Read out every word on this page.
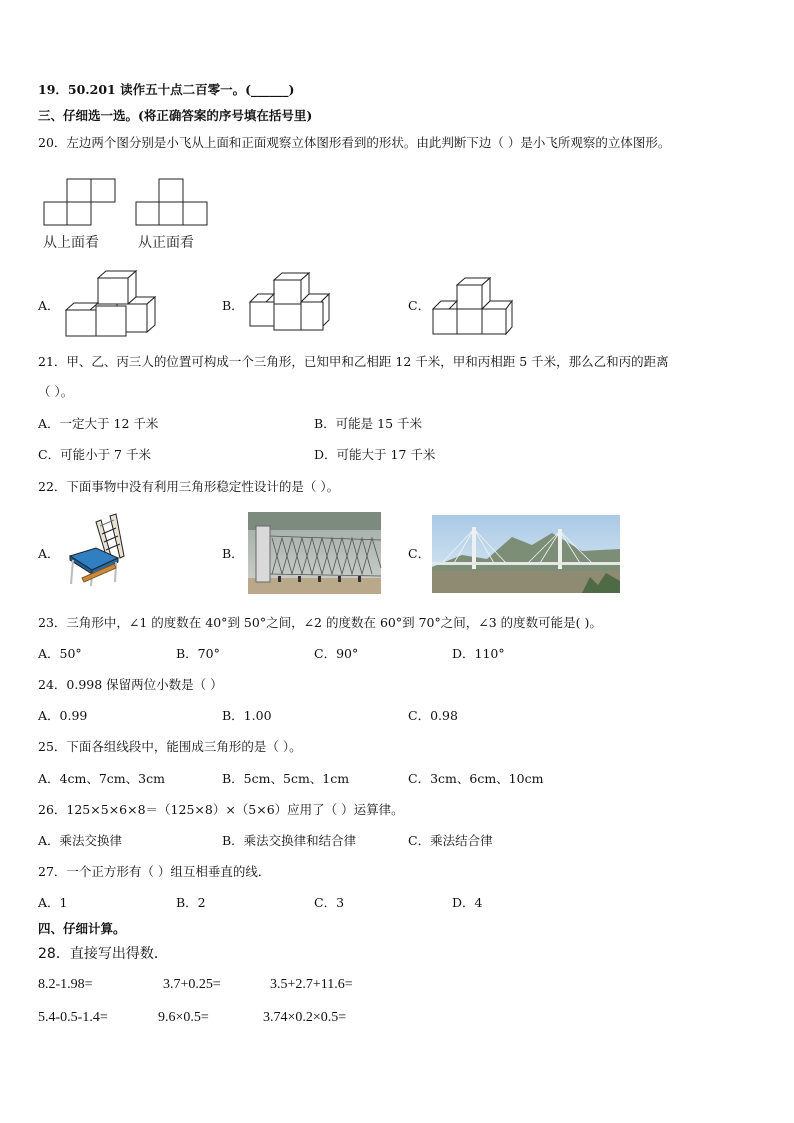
19．50.201 读作五十点二百零一。(______)
三、仔细选一选。(将正确答案的序号填在括号里)
20．左边两个图分别是小飞从上面和正面观察立体图形看到的形状。由此判断下边（ ）是小飞所观察的立体图形。
从上面看	从正面看
A．	B．	C．
21．甲、乙、丙三人的位置可构成一个三角形，已知甲和乙相距 12 千米，甲和丙相距 5 千米，那么乙和丙的距离
（ ）。
A．一定大于 12 千米	B．可能是 15 千米
C．可能小于 7 千米	D．可能大于 17 千米
22．下面事物中没有利用三角形稳定性设计的是（ ）。
A．	B．	C．
23．三角形中，∠1 的度数在 40°到 50°之间，∠2 的度数在 60°到 70°之间，∠3 的度数可能是( )。
A．50°	B．70°	C．90°	D．110°
24．0.998 保留两位小数是（ ）
A．0.99	B．1.00	C．0.98
25．下面各组线段中，能围成三角形的是（ ）。
A．4cm、7cm、3cm	B．5cm、5cm、1cm	C．3cm、6cm、10cm
26．125×5×6×8＝（125×8）×（5×6）应用了（ ）运算律。
A．乘法交换律	B．乘法交换律和结合律	C．乘法结合律
27．一个正方形有（ ）组互相垂直的线．
A．1	B．2	C．3	D．4
四、仔细计算。
28．直接写出得数．
8.2-1.98=	3.7+0.25=	3.5+2.7+11.6=
5.4-0.5-1.4=	9.6×0.5=	3.74×0.2×0.5=
